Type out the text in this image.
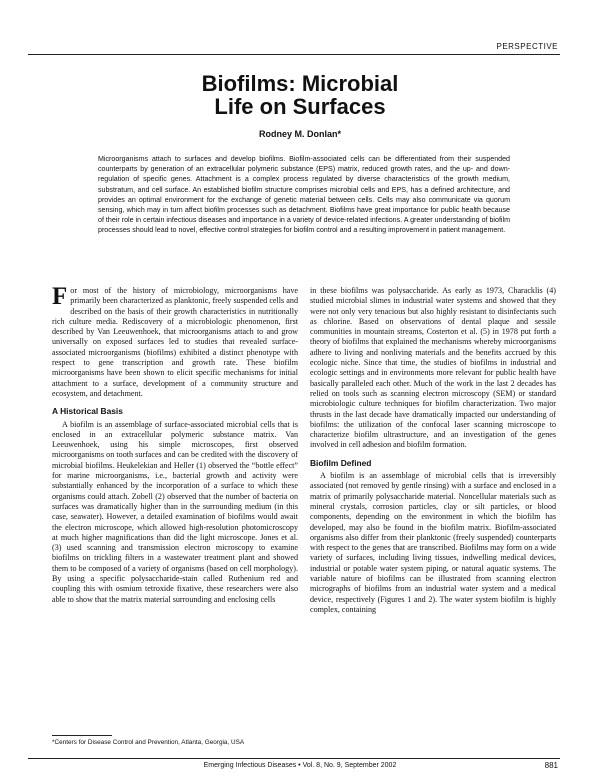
PERSPECTIVE
Biofilms: Microbial
Life on Surfaces
Rodney M. Donlan*
Microorganisms attach to surfaces and develop biofilms. Biofilm-associated cells can be differentiated from their suspended counterparts by generation of an extracellular polymeric substance (EPS) matrix, reduced growth rates, and the up- and down-regulation of specific genes. Attachment is a complex process regulated by diverse characteristics of the growth medium, substratum, and cell surface. An established biofilm structure comprises microbial cells and EPS, has a defined architecture, and provides an optimal environment for the exchange of genetic material between cells. Cells may also communicate via quorum sensing, which may in turn affect biofilm processes such as detachment. Biofilms have great importance for public health because of their role in certain infectious diseases and importance in a variety of device-related infections. A greater understanding of biofilm processes should lead to novel, effective control strategies for biofilm control and a resulting improvement in patient management.

For most of the history of microbiology, microorganisms have primarily been characterized as planktonic, freely suspended cells and described on the basis of their growth characteristics in nutritionally rich culture media. Rediscovery of a microbiologic phenomenon, first described by Van Leeuwenhoek, that microorganisms attach to and grow universally on exposed surfaces led to studies that revealed surface-associated microorganisms (biofilms) exhibited a distinct phenotype with respect to gene transcription and growth rate. These biofilm microorganisms have been shown to elicit specific mechanisms for initial attachment to a surface, development of a community structure and ecosystem, and detachment.

A Historical Basis

A biofilm is an assemblage of surface-associated microbial cells that is enclosed in an extracellular polymeric substance matrix. Van Leeuwenhoek, using his simple microscopes, first observed microorganisms on tooth surfaces and can be credited with the discovery of microbial biofilms. Heukelekian and Heller (1) observed the “bottle effect” for marine microorganisms, i.e., bacterial growth and activity were substantially enhanced by the incorporation of a surface to which these organisms could attach. Zobell (2) observed that the number of bacteria on surfaces was dramatically higher than in the surrounding medium (in this case, seawater). However, a detailed examination of biofilms would await the electron microscope, which allowed high-resolution photomicroscopy at much higher magnifications than did the light microscope. Jones et al. (3) used scanning and transmission electron microscopy to examine biofilms on trickling filters in a wastewater treatment plant and showed them to be composed of a variety of organisms (based on cell morphology). By using a specific polysaccharide-stain called Ruthenium red and coupling this with osmium tetroxide fixative, these researchers were also able to show that the matrix material surrounding and enclosing cells

in these biofilms was polysaccharide. As early as 1973, Characklis (4) studied microbial slimes in industrial water systems and showed that they were not only very tenacious but also highly resistant to disinfectants such as chlorine. Based on observations of dental plaque and sessile communities in mountain streams, Costerton et al. (5) in 1978 put forth a theory of biofilms that explained the mechanisms whereby microorganisms adhere to living and nonliving materials and the benefits accrued by this ecologic niche. Since that time, the studies of biofilms in industrial and ecologic settings and in environments more relevant for public health have basically paralleled each other. Much of the work in the last 2 decades has relied on tools such as scanning electron microscopy (SEM) or standard microbiologic culture techniques for biofilm characterization. Two major thrusts in the last decade have dramatically impacted our understanding of biofilms: the utilization of the confocal laser scanning microscope to characterize biofilm ultrastructure, and an investigation of the genes involved in cell adhesion and biofilm formation.

Biofilm Defined

A biofilm is an assemblage of microbial cells that is irreversibly associated (not removed by gentle rinsing) with a surface and enclosed in a matrix of primarily polysaccharide material. Noncellular materials such as mineral crystals, corrosion particles, clay or silt particles, or blood components, depending on the environment in which the biofilm has developed, may also be found in the biofilm matrix. Biofilm-associated organisms also differ from their planktonic (freely suspended) counterparts with respect to the genes that are transcribed. Biofilms may form on a wide variety of surfaces, including living tissues, indwelling medical devices, industrial or potable water system piping, or natural aquatic systems. The variable nature of biofilms can be illustrated from scanning electron micrographs of biofilms from an industrial water system and a medical device, respectively (Figures 1 and 2). The water system biofilm is highly complex, containing

*Centers for Disease Control and Prevention, Atlanta, Georgia, USA
Emerging Infectious Diseases • Vol. 8, No. 9, September 2002	881
